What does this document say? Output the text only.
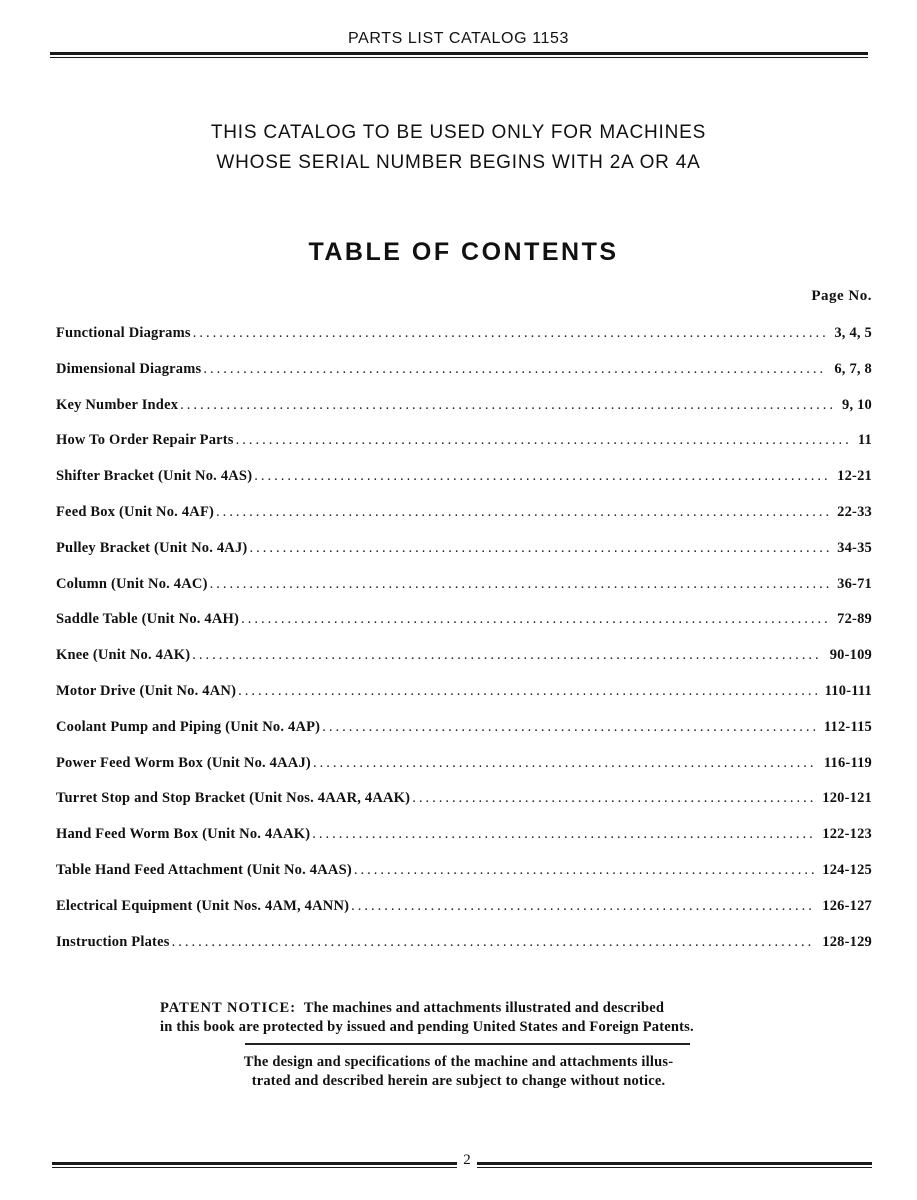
PARTS LIST CATALOG 1153
THIS CATALOG TO BE USED ONLY FOR MACHINES
WHOSE SERIAL NUMBER BEGINS WITH 2A OR 4A
TABLE OF CONTENTS
Page No.
Functional Diagrams .....	3, 4, 5
Dimensional Diagrams .....	6, 7, 8
Key Number Index .....	9, 10
How To Order Repair Parts .....	11
Shifter Bracket (Unit No. 4AS) .....	12-21
Feed Box (Unit No. 4AF) .....	22-33
Pulley Bracket (Unit No. 4AJ) .....	34-35
Column (Unit No. 4AC) .....	36-71
Saddle Table (Unit No. 4AH) .....	72-89
Knee (Unit No. 4AK) .....	90-109
Motor Drive (Unit No. 4AN) .....	110-111
Coolant Pump and Piping (Unit No. 4AP) .....	112-115
Power Feed Worm Box (Unit No. 4AAJ) .....	116-119
Turret Stop and Stop Bracket (Unit Nos. 4AAR, 4AAK) .....	120-121
Hand Feed Worm Box (Unit No. 4AAK) .....	122-123
Table Hand Feed Attachment (Unit No. 4AAS) .....	124-125
Electrical Equipment (Unit Nos. 4AM, 4ANN) .....	126-127
Instruction Plates .....	128-129
PATENT NOTICE: The machines and attachments illustrated and described
in this book are protected by issued and pending United States and Foreign Patents.
The design and specifications of the machine and attachments illus-
trated and described herein are subject to change without notice.
2
